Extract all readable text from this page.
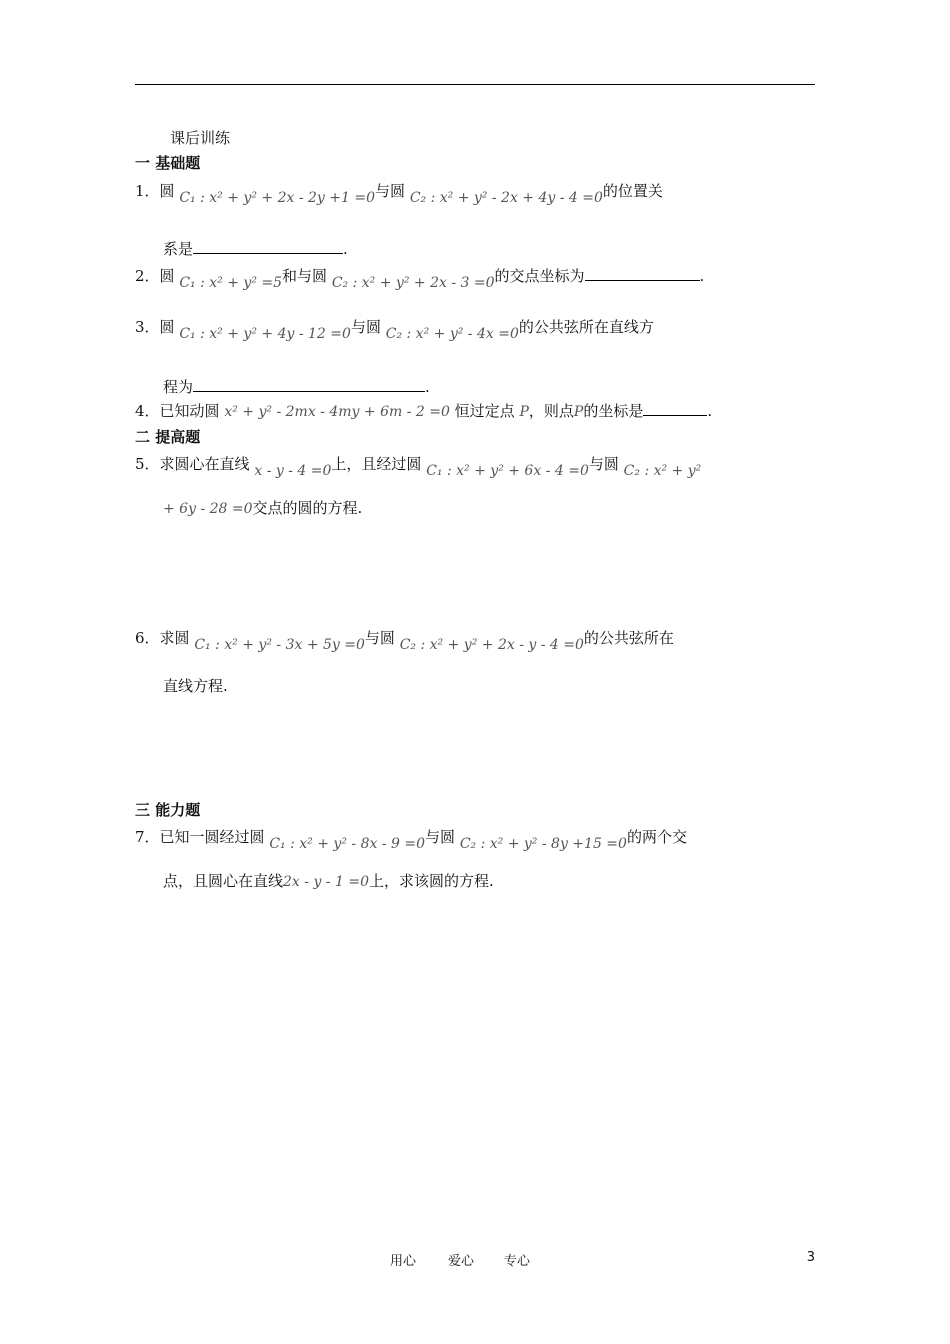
课后训练
一 基础题
1．圆 C₁ : x² + y² + 2x - 2y +1 =0与圆 C₂ : x² + y² - 2x + 4y - 4 =0的位置关
系是	.
2．圆 C₁ : x² + y² =5和与圆 C₂ : x² + y² + 2x - 3 =0的交点坐标为	.
3．圆 C₁ : x² + y² + 4y - 12 =0与圆 C₂ : x² + y² - 4x =0的公共弦所在直线方
程为	.
4．已知动圆 x² + y² - 2mx - 4my + 6m - 2 =0 恒过定点 P，则点P的坐标是	.
二 提高题
5．求圆心在直线 x - y - 4 =0上，且经过圆 C₁ : x² + y² + 6x - 4 =0与圆 C₂ : x² + y²
+ 6y - 28 =0交点的圆的方程.
6．求圆 C₁ : x² + y² - 3x + 5y =0与圆 C₂ : x² + y² + 2x - y - 4 =0的公共弦所在
直线方程.
三 能力题
7．已知一圆经过圆 C₁ : x² + y² - 8x - 9 =0与圆 C₂ : x² + y² - 8y +15 =0的两个交
点，且圆心在直线2x - y - 1 =0上，求该圆的方程.
用心 爱心 专心	3
